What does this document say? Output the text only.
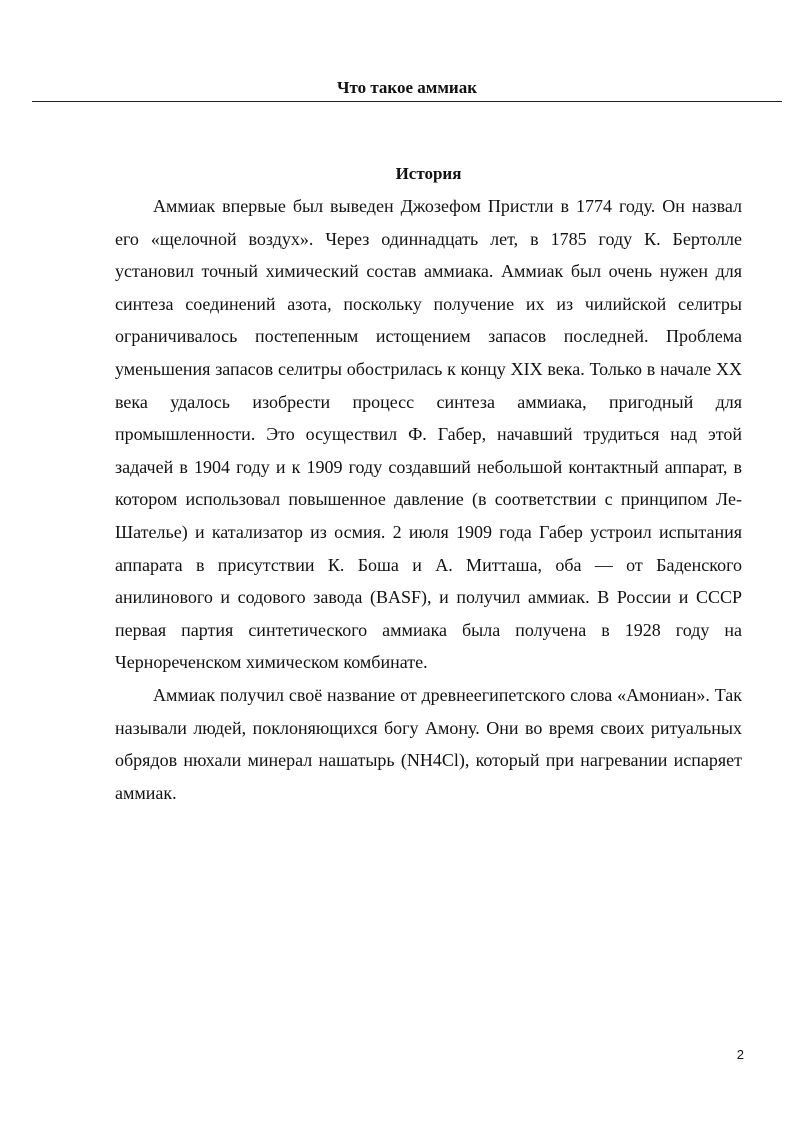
Что такое аммиак
История

Аммиак впервые был выведен Джозефом Пристли в 1774 году. Он назвал его «щелочной воздух». Через одиннадцать лет, в 1785 году К. Бертолле установил точный химический состав аммиака. Аммиак был очень нужен для синтеза соединений азота, поскольку получение их из чилийской селитры ограничивалось постепенным истощением запасов последней. Проблема уменьшения запасов селитры обострилась к концу XIX века. Только в начале XX века удалось изобрести процесс синтеза аммиака, пригодный для промышленности. Это осуществил Ф. Габер, начавший трудиться над этой задачей в 1904 году и к 1909 году создавший небольшой контактный аппарат, в котором использовал повышенное давление (в соответствии с принципом Ле-Шателье) и катализатор из осмия. 2 июля 1909 года Габер устроил испытания аппарата в присутствии К. Боша и А. Митташа, оба — от Баденского анилинового и содового завода (BASF), и получил аммиак. В России и СССР первая партия синтетического аммиака была получена в 1928 году на Чернореченском химическом комбинате.

Аммиак получил своё название от древнеегипетского слова «Амониан». Так называли людей, поклоняющихся богу Амону. Они во время своих ритуальных обрядов нюхали минерал нашатырь (NH4Cl), который при нагревании испаряет аммиак.

2
